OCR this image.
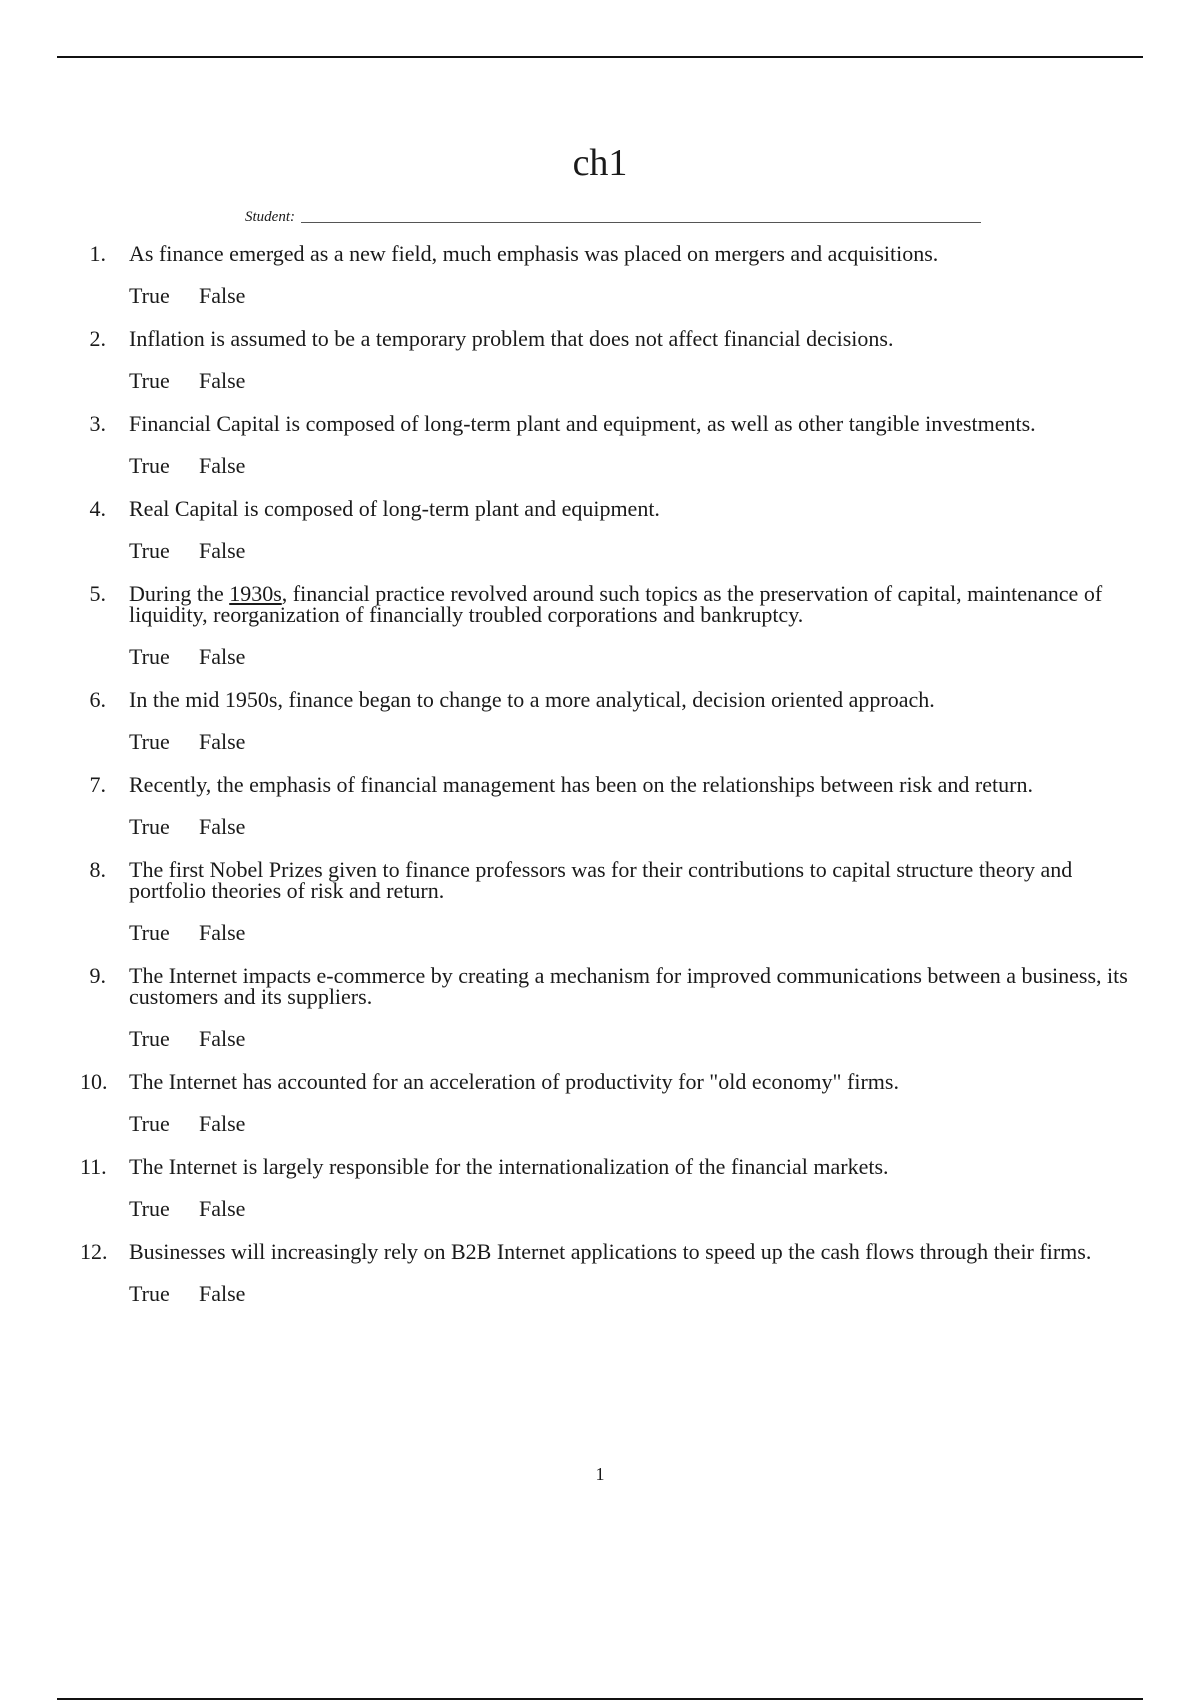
ch1
Student:
1. As finance emerged as a new field, much emphasis was placed on mergers and acquisitions.
True	False
2. Inflation is assumed to be a temporary problem that does not affect financial decisions.
True	False
3. Financial Capital is composed of long-term plant and equipment, as well as other tangible investments.
True	False
4. Real Capital is composed of long-term plant and equipment.
True	False
5. During the 1930s, financial practice revolved around such topics as the preservation of capital, maintenance of liquidity, reorganization of financially troubled corporations and bankruptcy.
True	False
6. In the mid 1950s, finance began to change to a more analytical, decision oriented approach.
True	False
7. Recently, the emphasis of financial management has been on the relationships between risk and return.
True	False
8. The first Nobel Prizes given to finance professors was for their contributions to capital structure theory and portfolio theories of risk and return.
True	False
9. The Internet impacts e-commerce by creating a mechanism for improved communications between a business, its customers and its suppliers.
True	False
10. The Internet has accounted for an acceleration of productivity for "old economy" firms.
True	False
11. The Internet is largely responsible for the internationalization of the financial markets.
True	False
12. Businesses will increasingly rely on B2B Internet applications to speed up the cash flows through their firms.
True	False
1
